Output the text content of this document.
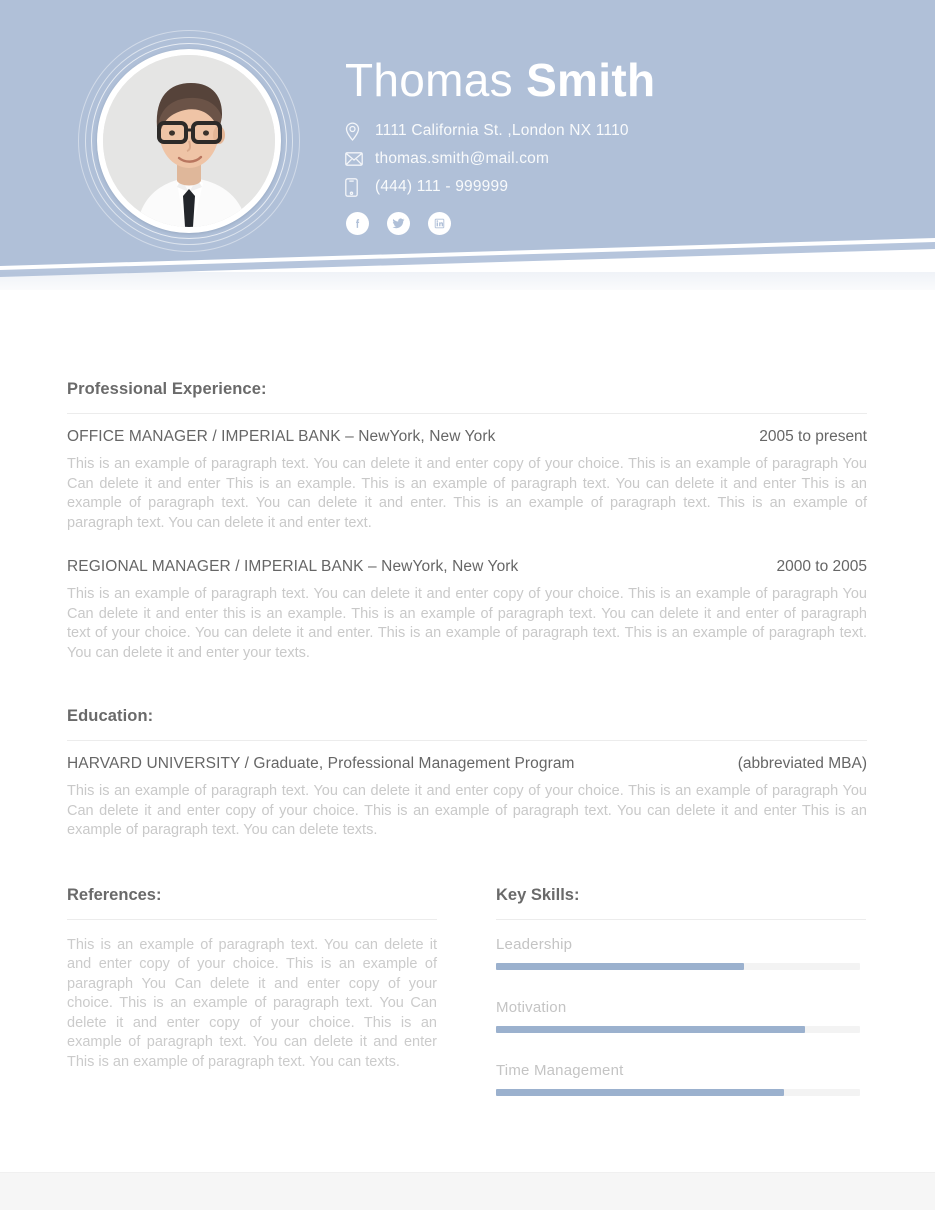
Thomas Smith
1111 California St. ,London NX 1110
thomas.smith@mail.com
(444) 111 - 999999
Professional Experience:
OFFICE MANAGER / IMPERIAL BANK – NewYork, New York	2005 to present
This is an example of paragraph text. You can delete it and enter copy of your choice. This is an example of paragraph You Can delete it and enter This is an example. This is an example of paragraph text. You can delete it and enter This is an example of paragraph text. You can delete it and enter. This is an example of paragraph text. This is an example of paragraph text. You can delete it and enter text.
REGIONAL MANAGER / IMPERIAL BANK – NewYork, New York	2000 to 2005
This is an example of paragraph text. You can delete it and enter copy of your choice. This is an example of paragraph You Can delete it and enter this is an example. This is an example of paragraph text. You can delete it and enter of paragraph text of your choice. You can delete it and enter. This is an example of paragraph text. This is an example of paragraph text. You can delete it and enter your texts.
Education:
HARVARD UNIVERSITY / Graduate, Professional Management Program	(abbreviated MBA)
This is an example of paragraph text. You can delete it and enter copy of your choice. This is an example of paragraph You Can delete it and enter copy of your choice. This is an example of paragraph text. You can delete it and enter This is an example of paragraph text. You can delete texts.
References:
This is an example of paragraph text. You can delete it and enter copy of your choice. This is an example of paragraph You Can delete it and enter copy of your choice. This is an example of paragraph text. You Can delete it and enter copy of your choice. This is an example of paragraph text. You can delete it and enter This is an example of paragraph text. You can texts.
Key Skills:
Leadership
Motivation
Time Management
